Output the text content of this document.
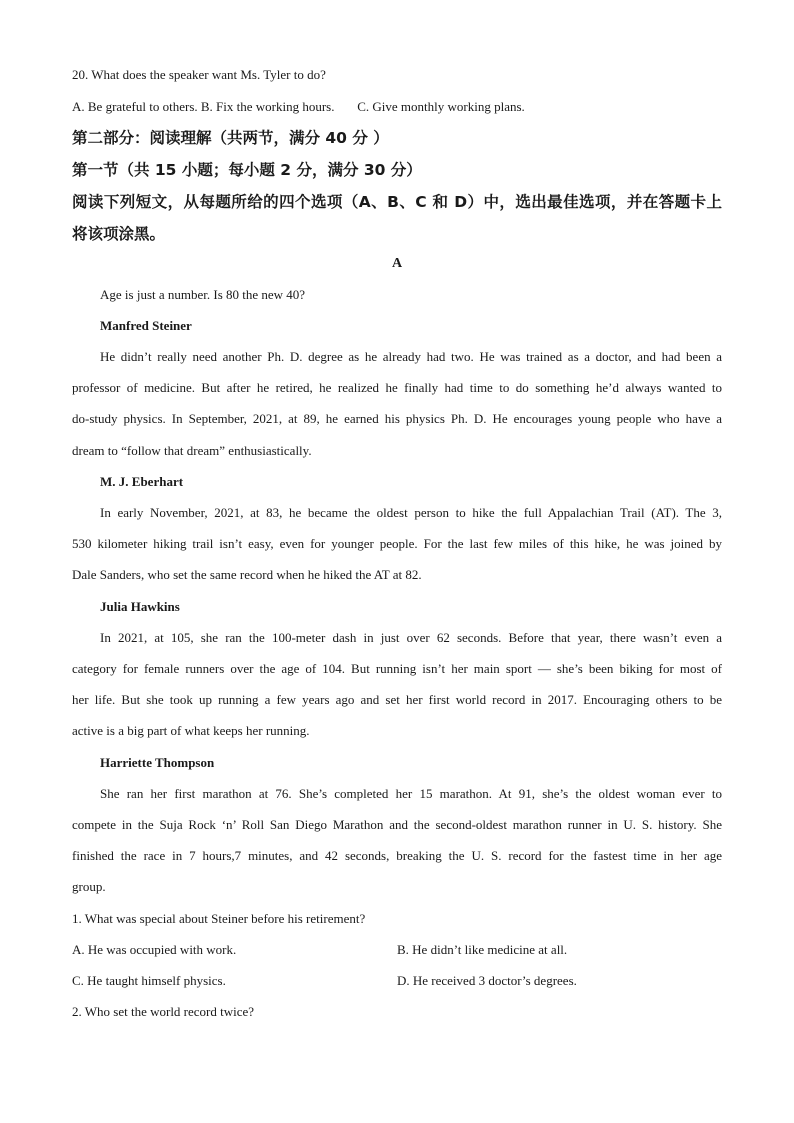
20. What does the speaker want Ms. Tyler to do?
A. Be grateful to others. B. Fix the working hours.       C. Give monthly working plans.
第二部分：阅读理解（共两节，满分 40 分 ）
第一节（共 15 小题；每小题 2 分，满分 30 分）
阅读下列短文，从每题所给的四个选项（A、B、C 和 D）中，选出最佳选项，并在答题卡上
将该项涂黑。
A
Age is just a number. Is 80 the new 40?
Manfred Steiner
He didn’t really need another Ph. D. degree as he already had two. He was trained as a doctor, and had been a
professor of medicine. But after he retired, he realized he finally had time to do something he’d always wanted to
do-study physics. In September, 2021, at 89, he earned his physics Ph. D. He encourages young people who have a
dream to “follow that dream” enthusiastically.
M. J. Eberhart
In early November, 2021, at 83, he became the oldest person to hike the full Appalachian Trail (AT). The 3,
530 kilometer hiking trail isn’t easy, even for younger people. For the last few miles of this hike, he was joined by
Dale Sanders, who set the same record when he hiked the AT at 82.
Julia Hawkins
In 2021, at 105, she ran the 100-meter dash in just over 62 seconds. Before that year, there wasn’t even a
category for female runners over the age of 104. But running isn’t her main sport — she’s been biking for most of
her life. But she took up running a few years ago and set her first world record in 2017. Encouraging others to be
active is a big part of what keeps her running.
Harriette Thompson
She ran her first marathon at 76. She’s completed her 15 marathon. At 91, she’s the oldest woman ever to
compete in the Suja Rock ‘n’ Roll San Diego Marathon and the second-oldest marathon runner in U. S. history. She
finished the race in 7 hours,7 minutes, and 42 seconds, breaking the U. S. record for the fastest time in her age
group.
1. What was special about Steiner before his retirement?
A. He was occupied with work.	B. He didn’t like medicine at all.
C. He taught himself physics.	D. He received 3 doctor’s degrees.
2. Who set the world record twice?
